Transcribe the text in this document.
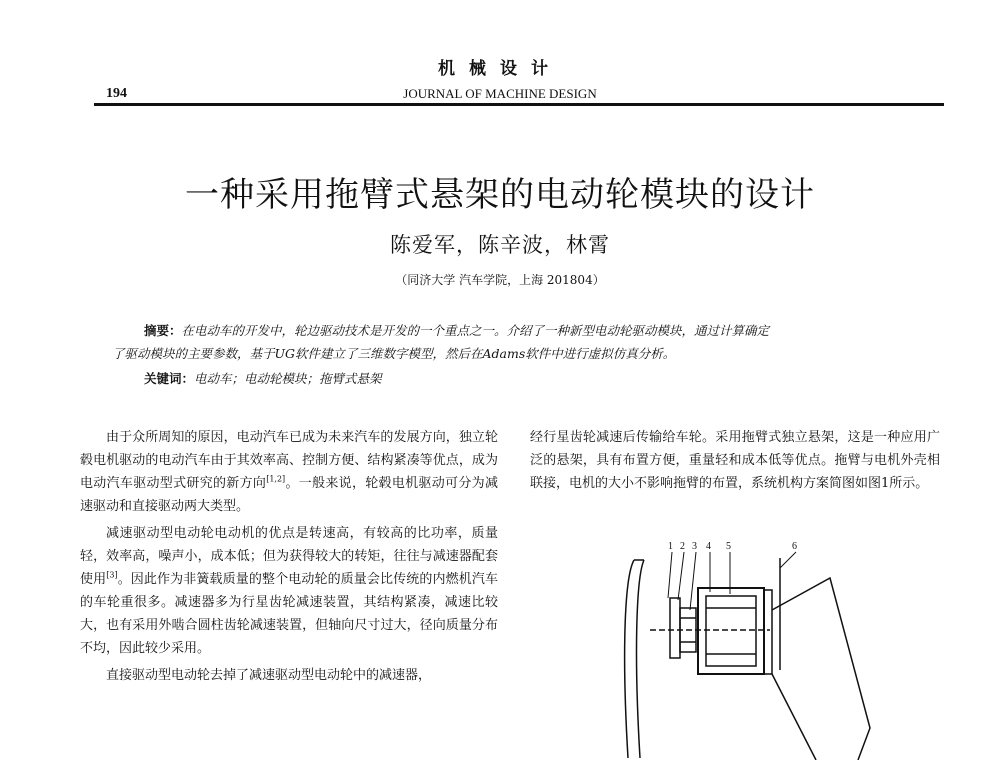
机械设计
194	JOURNAL OF MACHINE DESIGN
一种采用拖臂式悬架的电动轮模块的设计
陈爱军，陈辛波，林霄
（同济大学 汽车学院，上海 201804）
摘要：在电动车的开发中，轮边驱动技术是开发的一个重点之一。介绍了一种新型电动轮驱动模块，通过计算确定
了驱动模块的主要参数，基于UG软件建立了三维数字模型，然后在Adams软件中进行虚拟仿真分析。
关键词：电动车；电动轮模块；拖臂式悬架

由于众所周知的原因，电动汽车已成为未来汽车的发展方向，独立轮毂电机驱动的电动汽车由于其效率高、控制方便、结构紧凑等优点，成为电动汽车驱动型式研究的新方向[1,2]。一般来说，轮毂电机驱动可分为减速驱动和直接驱动两大类型。

减速驱动型电动轮电动机的优点是转速高，有较高的比功率，质量轻，效率高，噪声小，成本低；但为获得较大的转矩，往往与减速器配套使用[3]。因此作为非簧载质量的整个电动轮的质量会比传统的内燃机汽车的车轮重很多。减速器多为行星齿轮减速装置，其结构紧凑，减速比较大，也有采用外啮合圆柱齿轮减速装置，但轴向尺寸过大，径向质量分布不均，因此较少采用。

直接驱动型电动轮去掉了减速驱动型电动轮中的减速器，

经行星齿轮减速后传输给车轮。采用拖臂式独立悬架，这是一种应用广泛的悬架，具有布置方便，重量轻和成本低等优点。拖臂与电机外壳相联接，电机的大小不影响拖臂的布置，系统机构方案简图如图1所示。

1 2 3 4 5	6
